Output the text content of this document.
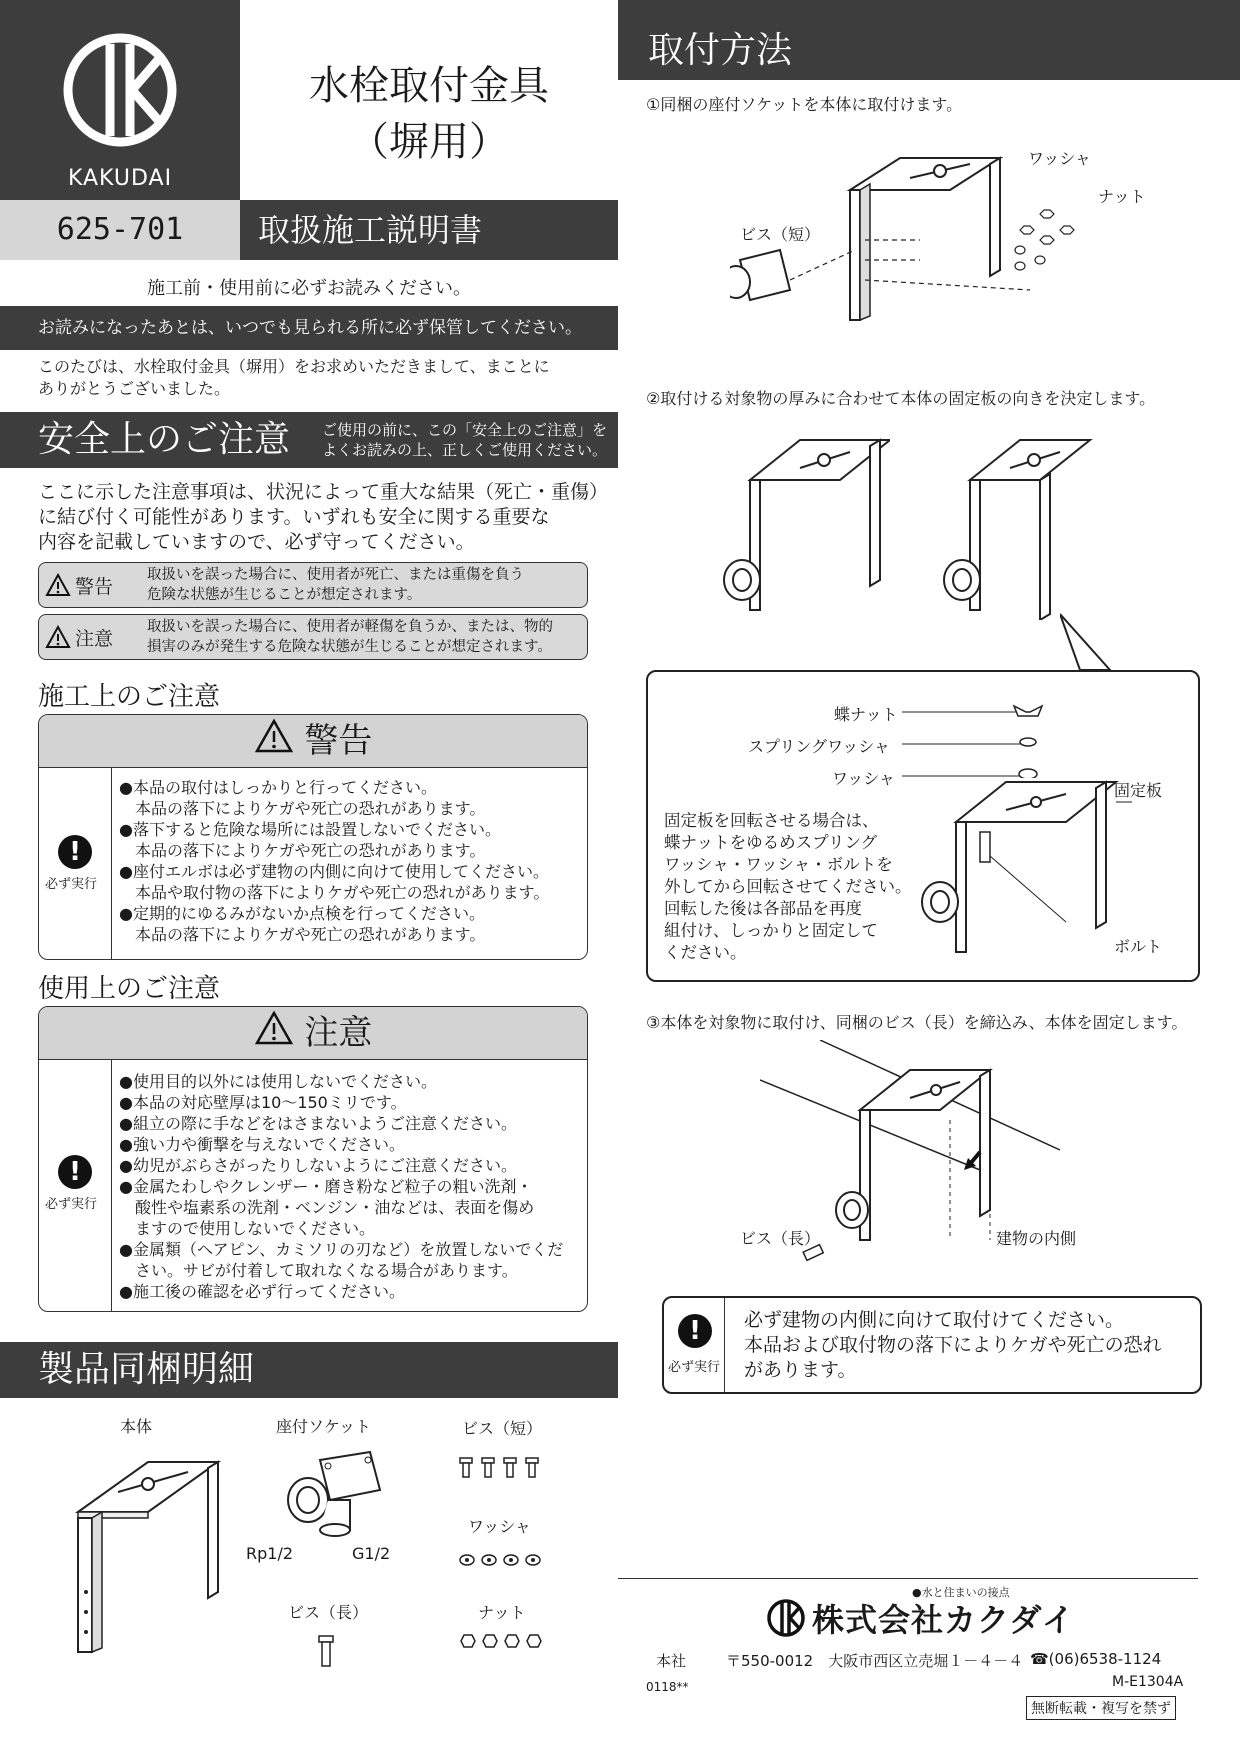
KAKUDAI
水栓取付金具
（塀用）
625-701	取扱施工説明書
施工前・使用前に必ずお読みください。
お読みになったあとは、いつでも見られる所に必ず保管してください。
このたびは、水栓取付金具（塀用）をお求めいただきまして、まことに
ありがとうございました。
安全上のご注意 ご使用の前に、この「安全上のご注意」を
よくお読みの上、正しくご使用ください。
ここに示した注意事項は、状況によって重大な結果（死亡・重傷）
に結び付く可能性があります。いずれも安全に関する重要な
内容を記載していますので、必ず守ってください。
警告
取扱いを誤った場合に、使用者が死亡、または重傷を負う
危険な状態が生じることが想定されます。
注意
取扱いを誤った場合に、使用者が軽傷を負うか、または、物的
損害のみが発生する危険な状態が生じることが想定されます。
施工上のご注意
警告
!
必ず実行
●本品の取付はしっかりと行ってください。
　本品の落下によりケガや死亡の恐れがあります。
●落下すると危険な場所には設置しないでください。
　本品の落下によりケガや死亡の恐れがあります。
●座付エルボは必ず建物の内側に向けて使用してください。
　本品や取付物の落下によりケガや死亡の恐れがあります。
●定期的にゆるみがないか点検を行ってください。
　本品の落下によりケガや死亡の恐れがあります。
使用上のご注意
注意
!
必ず実行
●使用目的以外には使用しないでください。
●本品の対応壁厚は10～150ミリです。
●組立の際に手などをはさまないようご注意ください。
●強い力や衝撃を与えないでください。
●幼児がぶらさがったりしないようにご注意ください。
●金属たわしやクレンザー・磨き粉など粒子の粗い洗剤・
　酸性や塩素系の洗剤・ベンジン・油などは、表面を傷め
　ますので使用しないでください。
●金属類（ヘアピン、カミソリの刃など）を放置しないでくだ
　さい。サビが付着して取れなくなる場合があります。
●施工後の確認を必ず行ってください。
製品同梱明細
本体	座付ソケット
Rp1/2	G1/2
ビス（短）
ワッシャ
ビス（長）	ナット
取付方法
①同梱の座付ソケットを本体に取付けます。
ワッシャ
ナット
ビス（短）
②取付ける対象物の厚みに合わせて本体の固定板の向きを決定します。
蝶ナット
スプリングワッシャ
ワッシャ
固定板
ボルト
固定板を回転させる場合は、
蝶ナットをゆるめスプリング
ワッシャ・ワッシャ・ボルトを
外してから回転させてください。
回転した後は各部品を再度
組付け、しっかりと固定して
ください。
③本体を対象物に取付け、同梱のビス（長）を締込み、本体を固定します。
ビス（長）	建物の内側
!
必ず実行
必ず建物の内側に向けて取付けてください。
本品および取付物の落下によりケガや死亡の恐れ
があります。
●水と住まいの接点
株式会社カクダイ
本社	〒550-0012　大阪市西区立売堀１－４－４ ☎(06)6538-1124
0118**	M-E1304A
無断転載・複写を禁ず
